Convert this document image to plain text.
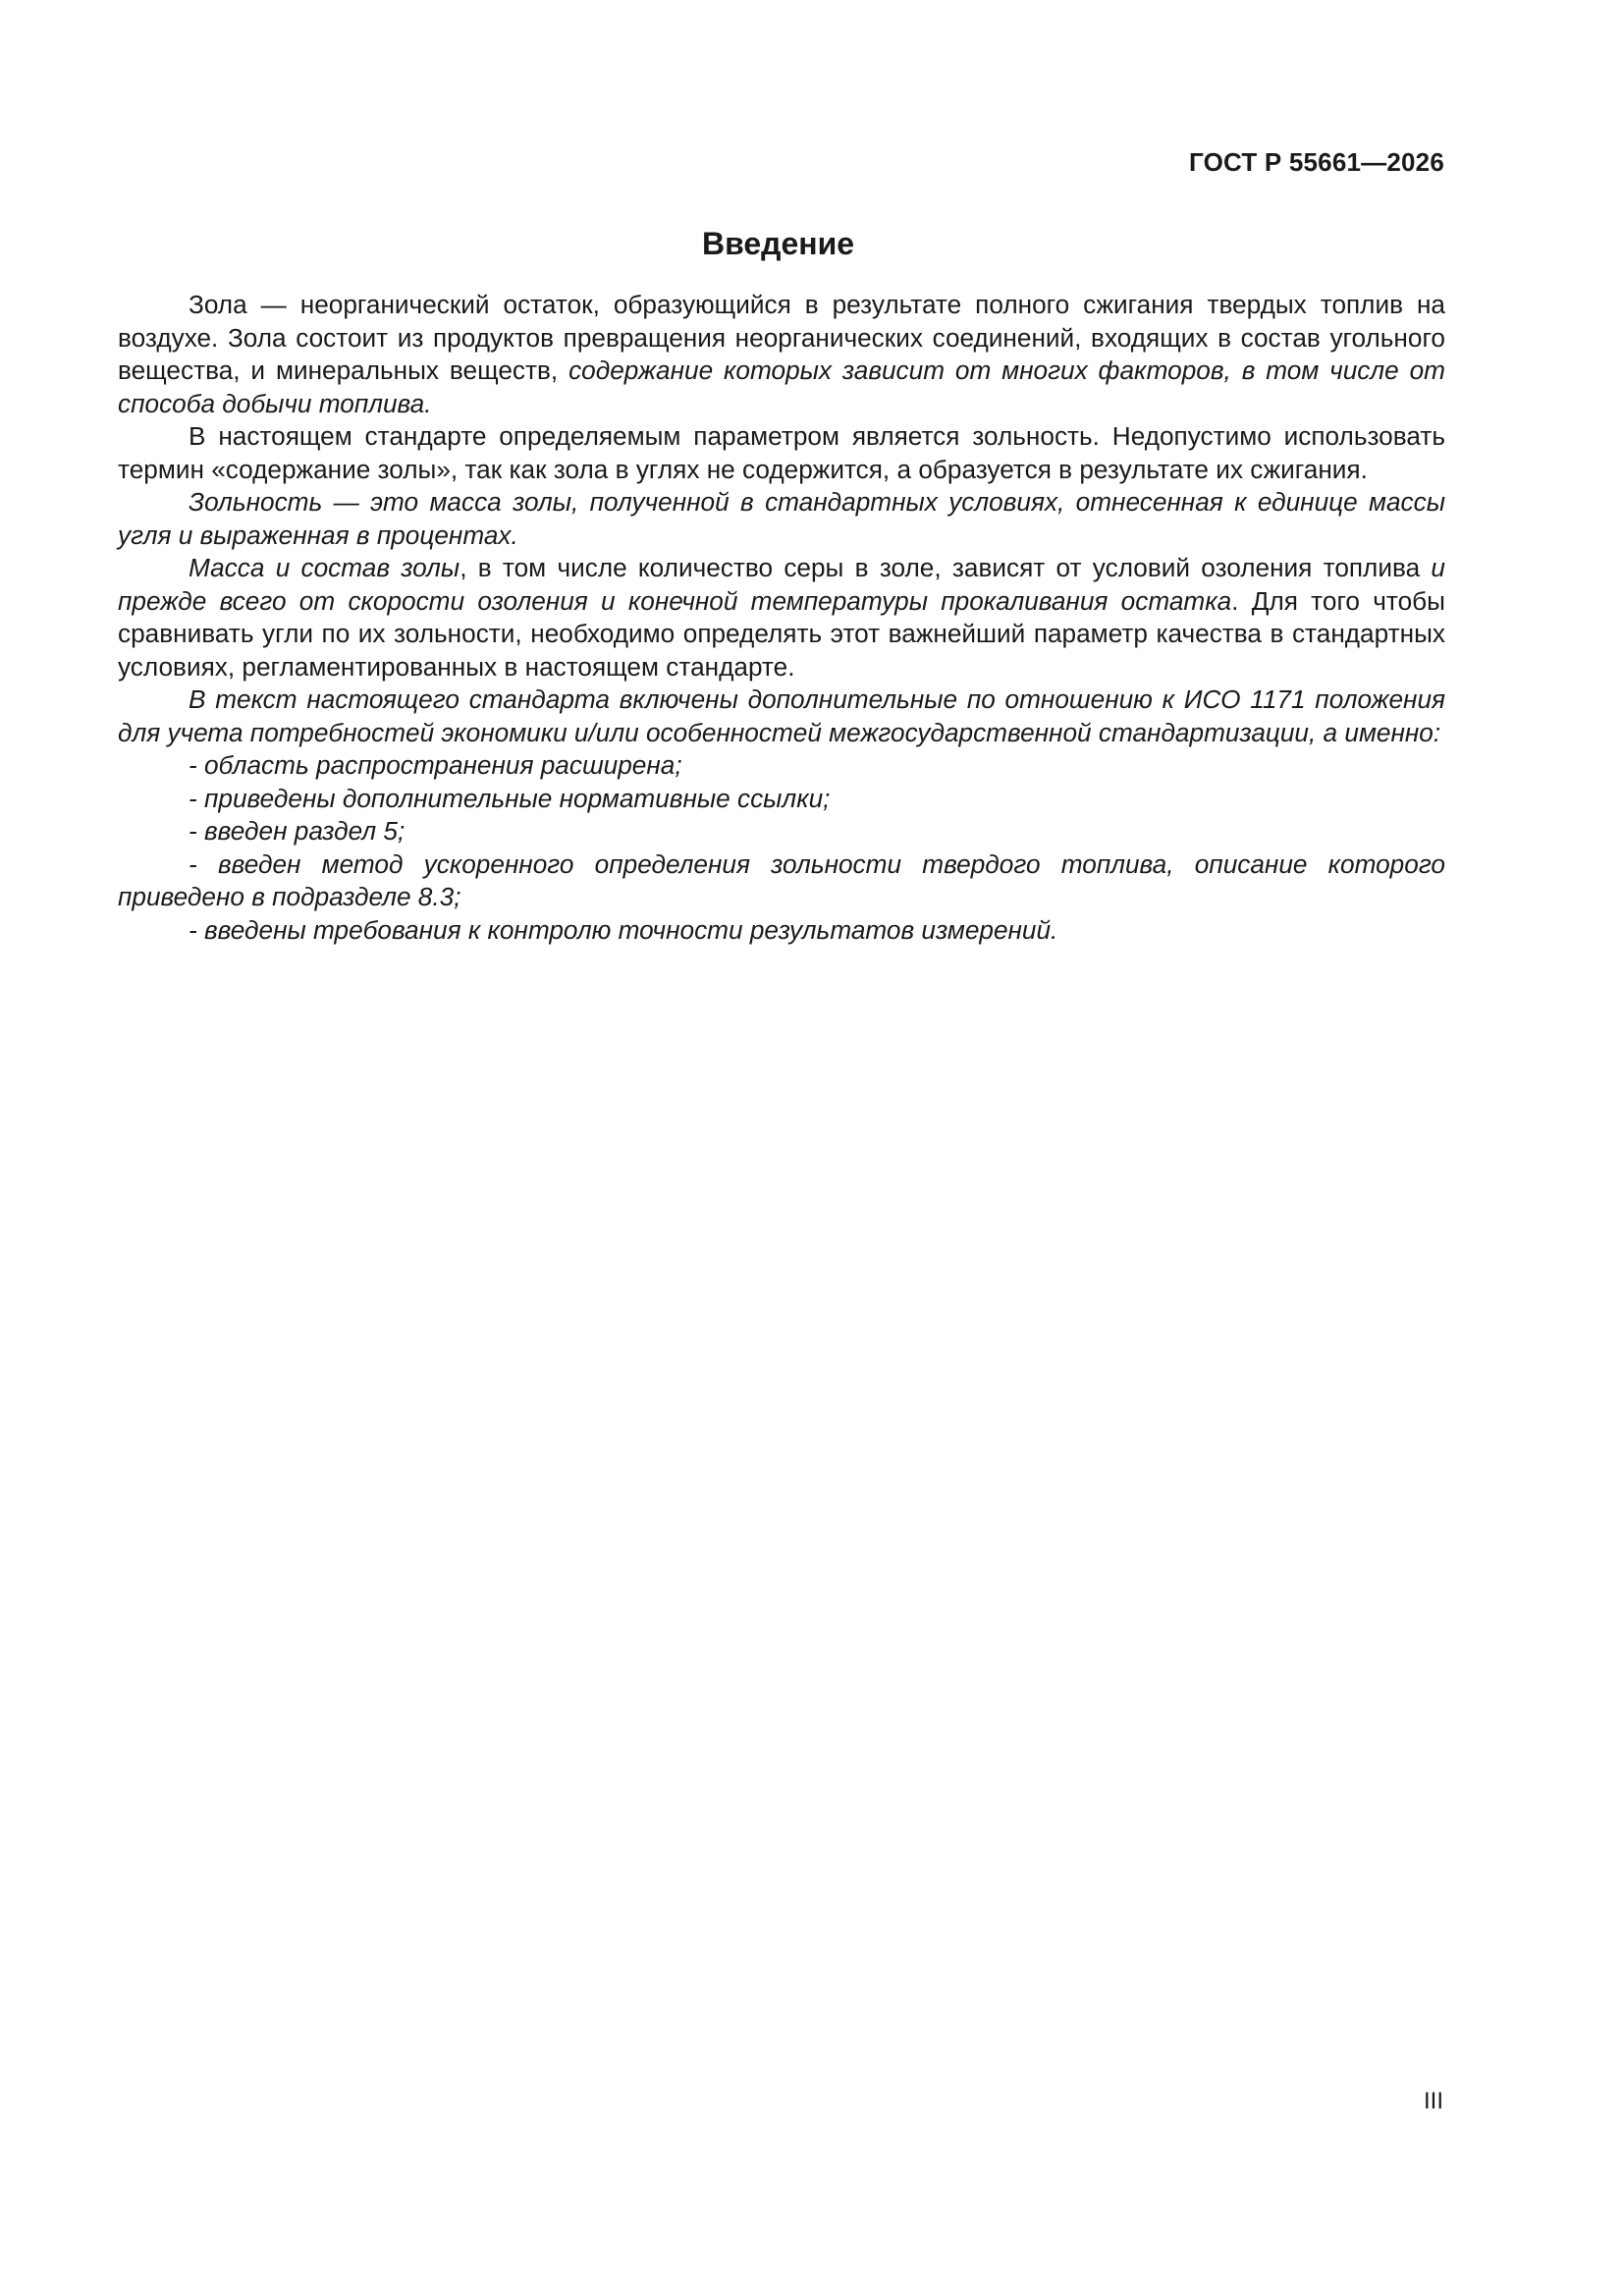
ГОСТ Р 55661—2026
Введение

Зола — неорганический остаток, образующийся в результате полного сжигания твердых топлив на воздухе. Зола состоит из продуктов превращения неорганических соединений, входящих в состав угольного вещества, и минеральных веществ, содержание которых зависит от многих факторов, в том числе от способа добычи топлива.

В настоящем стандарте определяемым параметром является зольность. Недопустимо использовать термин «содержание золы», так как зола в углях не содержится, а образуется в результате их сжигания.

Зольность — это масса золы, полученной в стандартных условиях, отнесенная к единице массы угля и выраженная в процентах.

Масса и состав золы, в том числе количество серы в золе, зависят от условий озоления топлива и прежде всего от скорости озоления и конечной температуры прокаливания остатка. Для того чтобы сравнивать угли по их зольности, необходимо определять этот важнейший параметр качества в стандартных условиях, регламентированных в настоящем стандарте.

В текст настоящего стандарта включены дополнительные по отношению к ИСО 1171 положения для учета потребностей экономики и/или особенностей межгосударственной стандартизации, а именно:

- область распространения расширена;
- приведены дополнительные нормативные ссылки;
- введен раздел 5;
- введен метод ускоренного определения зольности твердого топлива, описание которого приведено в подразделе 8.3;
- введены требования к контролю точности результатов измерений.
III
